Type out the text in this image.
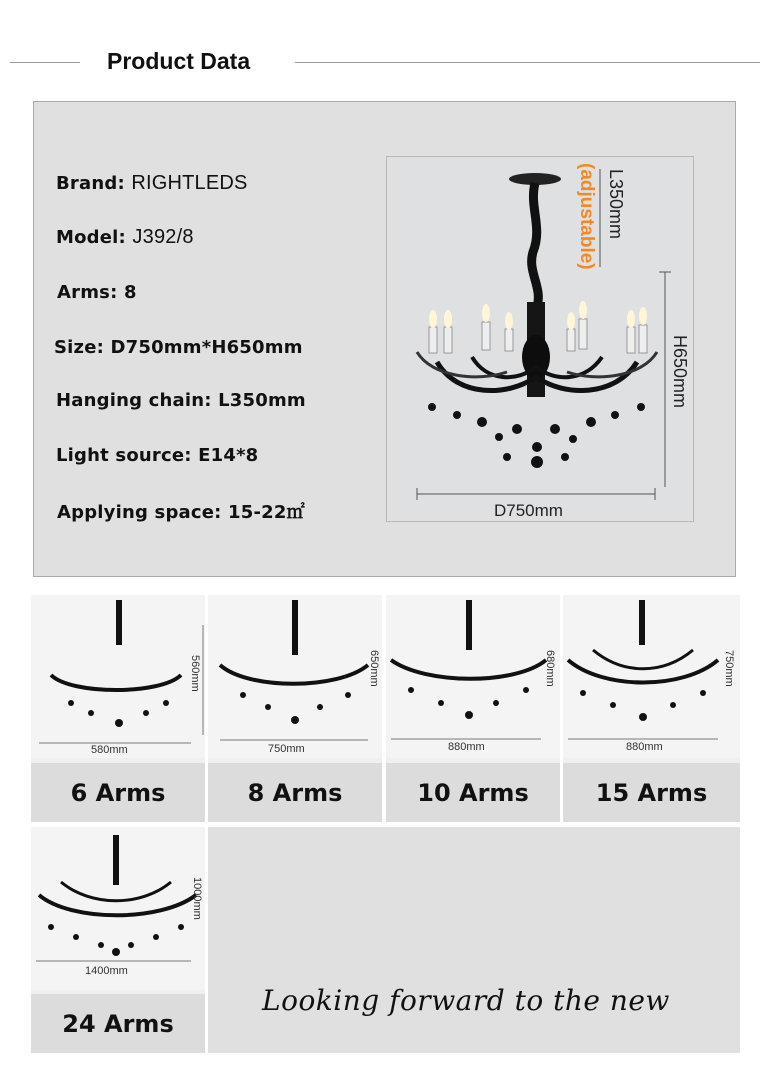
Product Data
Brand: RIGHTLEDS
Model: J392/8
Arms: 8
Size: D750mm*H650mm
Hanging chain: L350mm
Light source: E14*8
Applying space: 15-22㎡
L350mm
(adjustable)
H650mm
D750mm
580mm
560mm
6 Arms
750mm
650mm
8 Arms
880mm
680mm
10 Arms
880mm
750mm
15 Arms
1400mm
1000mm
24 Arms
Looking forward to the new
